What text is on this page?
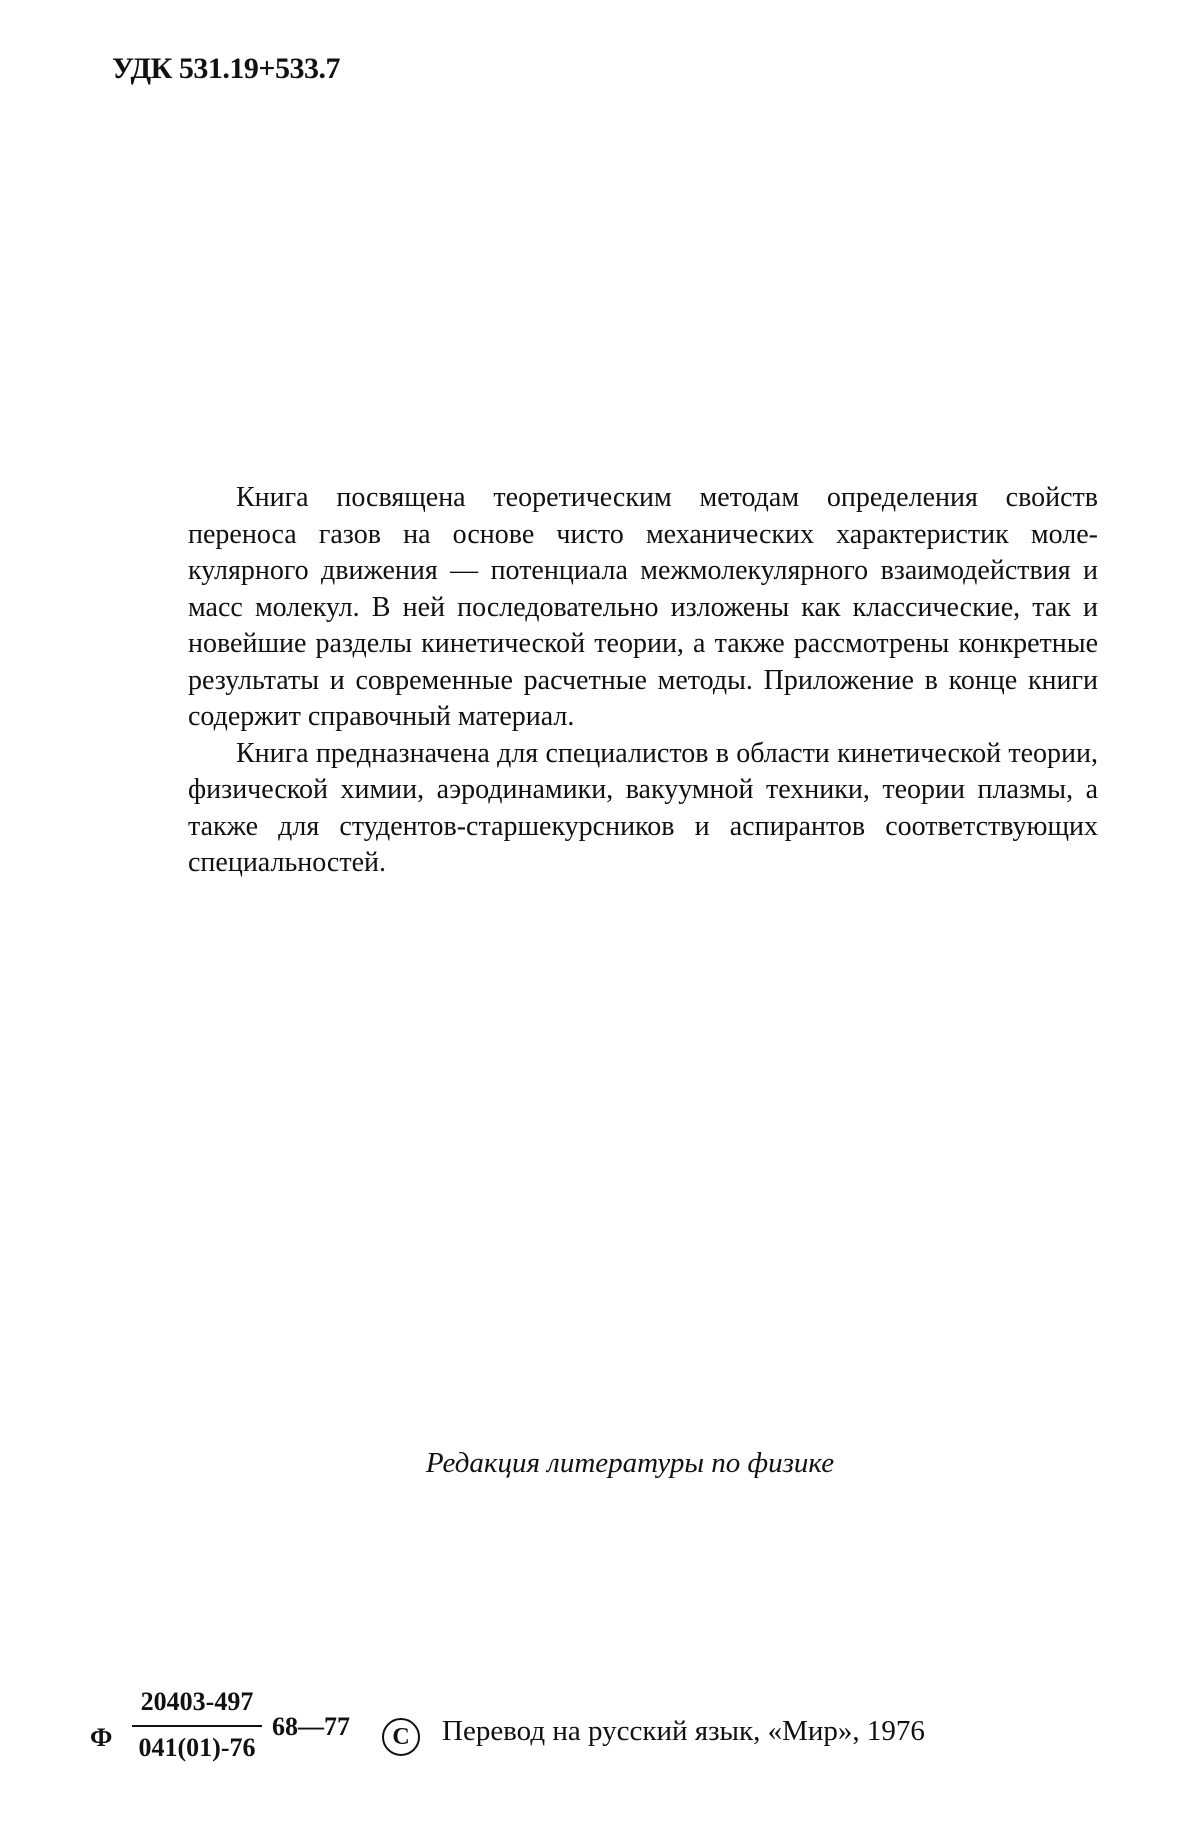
УДК 531.19+533.7

Книга посвящена теоретическим методам определения свойств переноса газов на основе чисто механических характеристик молекулярного движения — потенциала межмолекулярного взаимодействия и масс молекул. В ней последовательно изложены как классические, так и новейшие разделы кинетической теории, а также рассмотрены конкретные результаты и современные расчетные методы. Приложение в конце книги содержит справочный материал.

Книга предназначена для специалистов в области кинетической теории, физической химии, аэродинамики, вакуумной техники, теории плазмы, а также для студентов-старшекурсников и аспирантов соответствующих специальностей.

Редакция литературы по физике
Ф
20403-497
041(01)-76
68—77	C Перевод на русский язык, «Мир», 1976
